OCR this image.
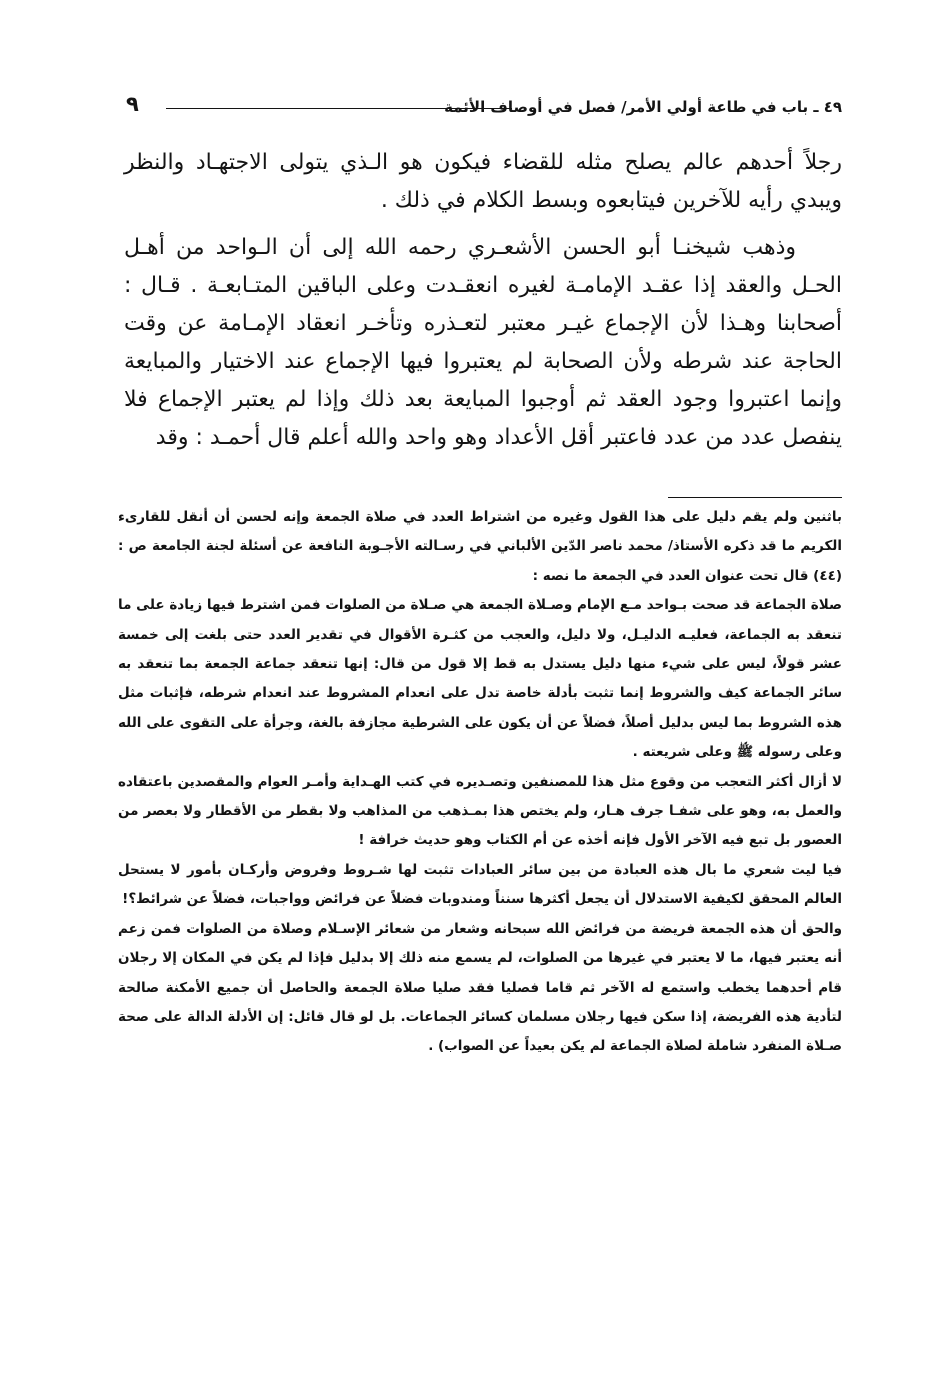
٤٩ ـ باب في طاعة أولي الأمر/ فصل في أوصاف الأئمة
٩

رجلاً أحدهم عالم يصلح مثله للقضاء فيكون هو الـذي يتولى الاجتهـاد والنظر ويبدي رأيه للآخرين فيتابعوه وبسط الكلام في ذلك .

وذهب شيخنـا أبو الحسن الأشعـري رحمه الله إلى أن الـواحد من أهـل الحـل والعقد إذا عقـد الإمامـة لغيره انعقـدت وعلى الباقين المتـابعـة . قـال : أصحابنا وهـذا لأن الإجماع غيـر معتبر لتعـذره وتأخـر انعقاد الإمـامة عن وقت الحاجة عند شرطه ولأن الصحابة لم يعتبروا فيها الإجماع عند الاختيار والمبايعة وإنما اعتبروا وجود العقد ثم أوجبوا المبايعة بعد ذلك وإذا لم يعتبر الإجماع فلا ينفصل عدد من عدد فاعتبر أقل الأعداد وهو واحد والله أعلم قال أحمـد : وقد

باثنين ولم يقم دليل على هذا القول وغيره من اشتراط العدد في صلاة الجمعة وإنه لحسن أن أنقل للقارىء الكريم ما قد ذكره الأستاذ/ محمد ناصر الدّين الألباني في رسـالته الأجـوبة النافعة عن أسئلة لجنة الجامعة ص : (٤٤) قال تحت عنوان العدد في الجمعة ما نصه :

صلاة الجماعة قد صحت بـواحد مـع الإمام وصـلاة الجمعة هي صـلاة من الصلوات فمن اشترط فيها زيادة على ما تنعقد به الجماعة، فعليـه الدليـل، ولا دليل، والعجب من كثـرة الأقوال في تقدير العدد حتى بلغت إلى خمسة عشر قولاً، ليس على شيء منها دليل يستدل به قط إلا قول من قال: إنها تنعقد جماعة الجمعة بما تنعقد به سائر الجماعة كيف والشروط إنما تثبت بأدلة خاصة تدل على انعدام المشروط عند انعدام شرطه، فإثبات مثل هذه الشروط بما ليس بدليل أصلاً، فضلاً عن أن يكون على الشرطية مجازفة بالغة، وجرأة على التقوى على الله وعلى رسوله ﷺ وعلى شريعته .

لا أزال أكثر التعجب من وقوع مثل هذا للمصنفين وتصـديره في كتب الهـداية وأمـر العوام والمقصدين باعتقاده والعمل به، وهو على شفـا جرف هـار، ولم يختص هذا بمـذهب من المذاهب ولا بقطر من الأقطار ولا بعصر من العصور بل تبع فيه الآخر الأول فإنه أخذه عن أم الكتاب وهو حديث خرافة !

فيا ليت شعري ما بال هذه العبادة من بين سائر العبادات تثبت لها شـروط وفروض وأركـان بأمور لا يستحل العالم المحقق لكيفية الاستدلال أن يجعل أكثرها سنناً ومندوبات فضلاً عن فرائض وواجبات، فضلاً عن شرائط؟!

والحق أن هذه الجمعة فريضة من فرائض الله سبحانه وشعار من شعائر الإسـلام وصلاة من الصلوات فمن زعم أنه يعتبر فيها، ما لا يعتبر في غيرها من الصلوات، لم يسمع منه ذلك إلا بدليل فإذا لم يكن في المكان إلا رجلان قام أحدهما يخطب واستمع له الآخر ثم قاما فصليا فقد صليا صلاة الجمعة والحاصل أن جميع الأمكنة صالحة لتأدية هذه الفريضة، إذا سكن فيها رجلان مسلمان كسائر الجماعات. بل لو قال قائل: إن الأدلة الدالة على صحة صـلاة المنفرد شاملة لصلاة الجماعة لم يكن بعيداً عن الصواب) .
